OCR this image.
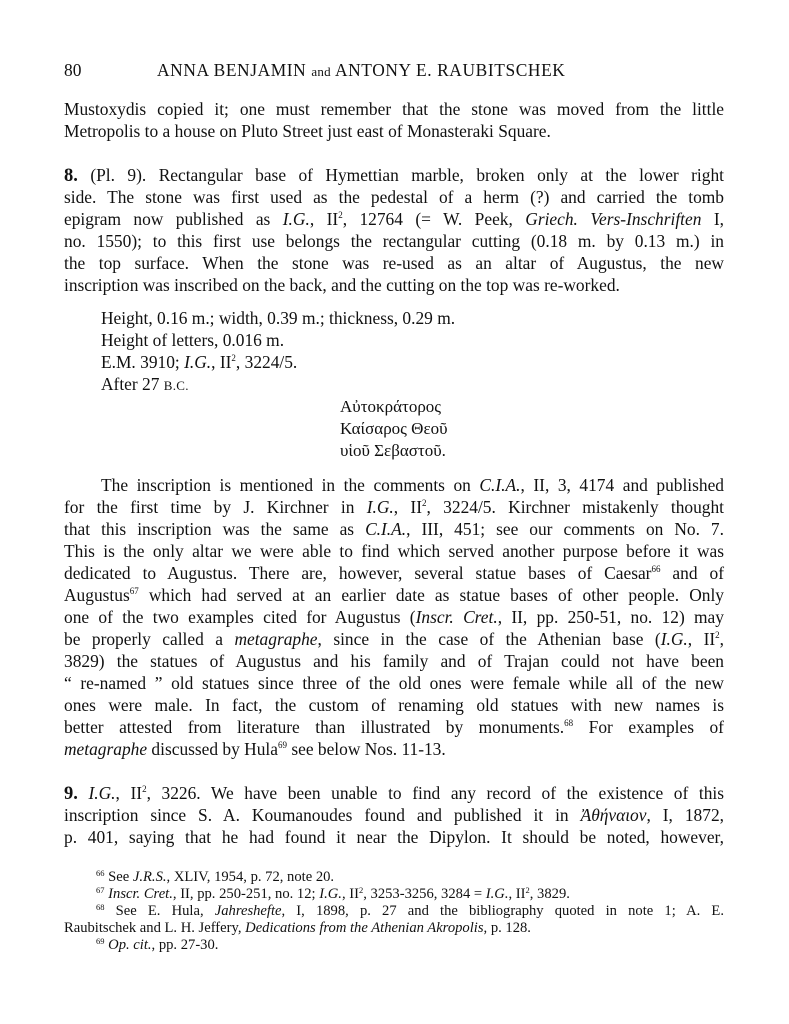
80	ANNA BENJAMIN and ANTONY E. RAUBITSCHEK
Mustoxydis copied it; one must remember that the stone was moved from the little
Metropolis to a house on Pluto Street just east of Monasteraki Square.
8. (Pl. 9). Rectangular base of Hymettian marble, broken only at the lower right
side. The stone was first used as the pedestal of a herm (?) and carried the tomb
epigram now published as I.G., $II^2$, 12764 (= W. Peek, Griech. Vers-Inschriften I,
no. 1550); to this first use belongs the rectangular cutting (0.18 m. by 0.13 m.) in
the top surface. When the stone was re-used as an altar of Augustus, the new
inscription was inscribed on the back, and the cutting on the top was re-worked.
Height, 0.16 m.; width, 0.39 m.; thickness, 0.29 m.
Height of letters, 0.016 m.
E.M. 3910; I.G., $II^2$, 3224/5.
After 27 B.C.
Αὐτοκράτορος
Καίσαρος Θεοῦ
υἱοῦ Σεβαστοῦ.
The inscription is mentioned in the comments on C.I.A., II, 3, 4174 and published
for the first time by J. Kirchner in I.G., $II^2$, 3224/5. Kirchner mistakenly thought
that this inscription was the same as C.I.A., III, 451; see our comments on No. 7.
This is the only altar we were able to find which served another purpose before it was
dedicated to Augustus. There are, however, several statue bases of Caesar$^{66}$ and of
Augustus$^{67}$ which had served at an earlier date as statue bases of other people. Only
one of the two examples cited for Augustus (Inscr. Cret., II, pp. 250-51, no. 12) may
be properly called a metagraphe, since in the case of the Athenian base (I.G., $II^2$,
3829) the statues of Augustus and his family and of Trajan could not have been
“ re-named ” old statues since three of the old ones were female while all of the new
ones were male. In fact, the custom of renaming old statues with new names is
better attested from literature than illustrated by monuments.$^{68}$ For examples of
metagraphe discussed by Hula$^{69}$ see below Nos. 11-13.
9. I.G., $II^2$, 3226. We have been unable to find any record of the existence of this
inscription since S. A. Koumanoudes found and published it in Ἀθήναιον, I, 1872,
p. 401, saying that he had found it near the Dipylon. It should be noted, however,
$^{66}$ See J.R.S., XLIV, 1954, p. 72, note 20.
$^{67}$ Inscr. Cret., II, pp. 250-251, no. 12; I.G., II$^2$, 3253-3256, 3284 = I.G., II$^2$, 3829.
$^{68}$ See E. Hula, Jahreshefte, I, 1898, p. 27 and the bibliography quoted in note 1; A. E.
Raubitschek and L. H. Jeffery, Dedications from the Athenian Akropolis, p. 128.
$^{69}$ Op. cit., pp. 27-30.
